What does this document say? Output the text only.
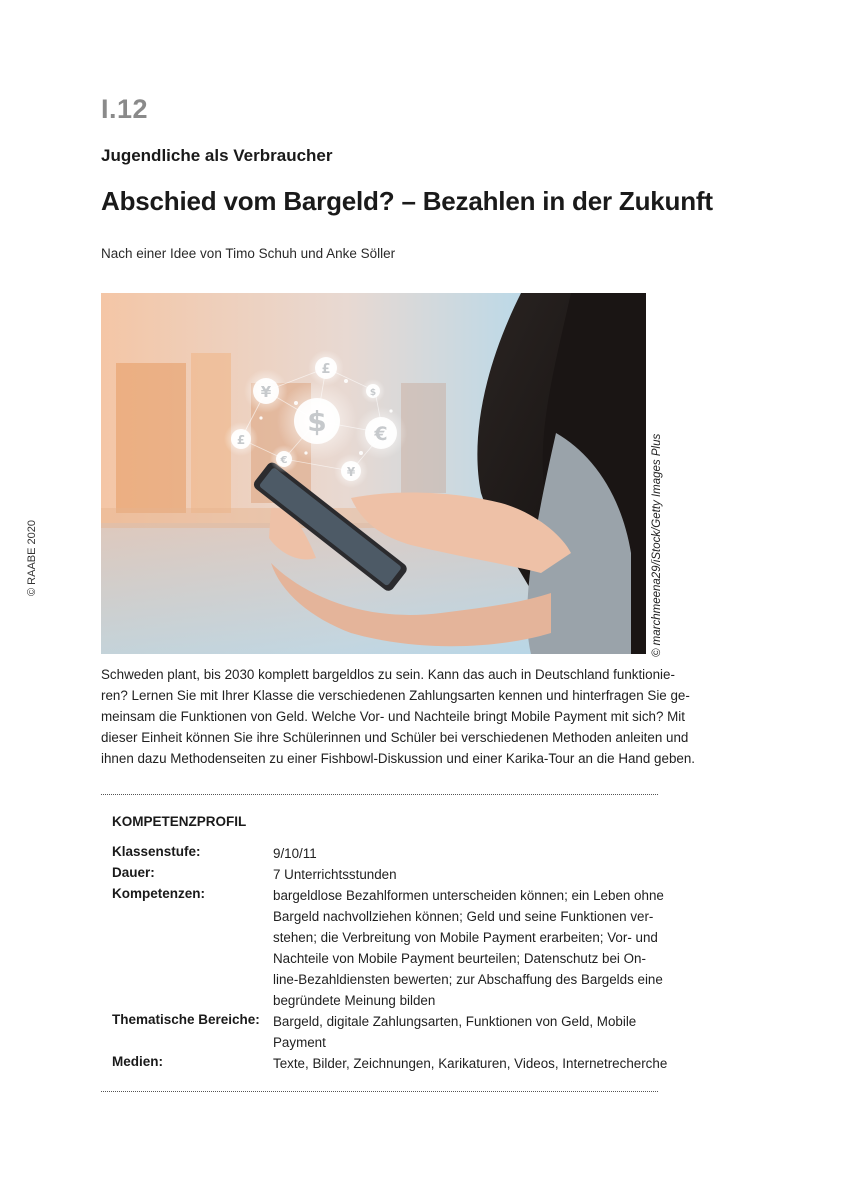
I.12
Jugendliche als Verbraucher
Abschied vom Bargeld? – Bezahlen in der Zukunft
Nach einer Idee von Timo Schuh und Anke Söller
© RAABE 2020
$	€
¥
£
£
€
¥
$
© marchmeena29/iStock/Getty Images Plus
Schweden plant, bis 2030 komplett bargeldlos zu sein. Kann das auch in Deutschland funktionie-
ren? Lernen Sie mit Ihrer Klasse die verschiedenen Zahlungsarten kennen und hinterfragen Sie ge-
meinsam die Funktionen von Geld. Welche Vor- und Nachteile bringt Mobile Payment mit sich? Mit
dieser Einheit können Sie ihre Schülerinnen und Schüler bei verschiedenen Methoden anleiten und
ihnen dazu Methodenseiten zu einer Fishbowl-Diskussion und einer Karika-Tour an die Hand geben.
KOMPETENZPROFIL
Klassenstufe:	9/10/11
Dauer:	7 Unterrichtsstunden
Kompetenzen:	bargeldlose Bezahlformen unterscheiden können; ein Leben ohne
Bargeld nachvollziehen können; Geld und seine Funktionen ver-
stehen; die Verbreitung von Mobile Payment erarbeiten; Vor- und
Nachteile von Mobile Payment beurteilen; Datenschutz bei On-
line-Bezahldiensten bewerten; zur Abschaffung des Bargelds eine
begründete Meinung bilden
Thematische Bereiche: Bargeld, digitale Zahlungsarten, Funktionen von Geld, Mobile
Payment
Medien:	Texte, Bilder, Zeichnungen, Karikaturen, Videos, Internetrecherche
